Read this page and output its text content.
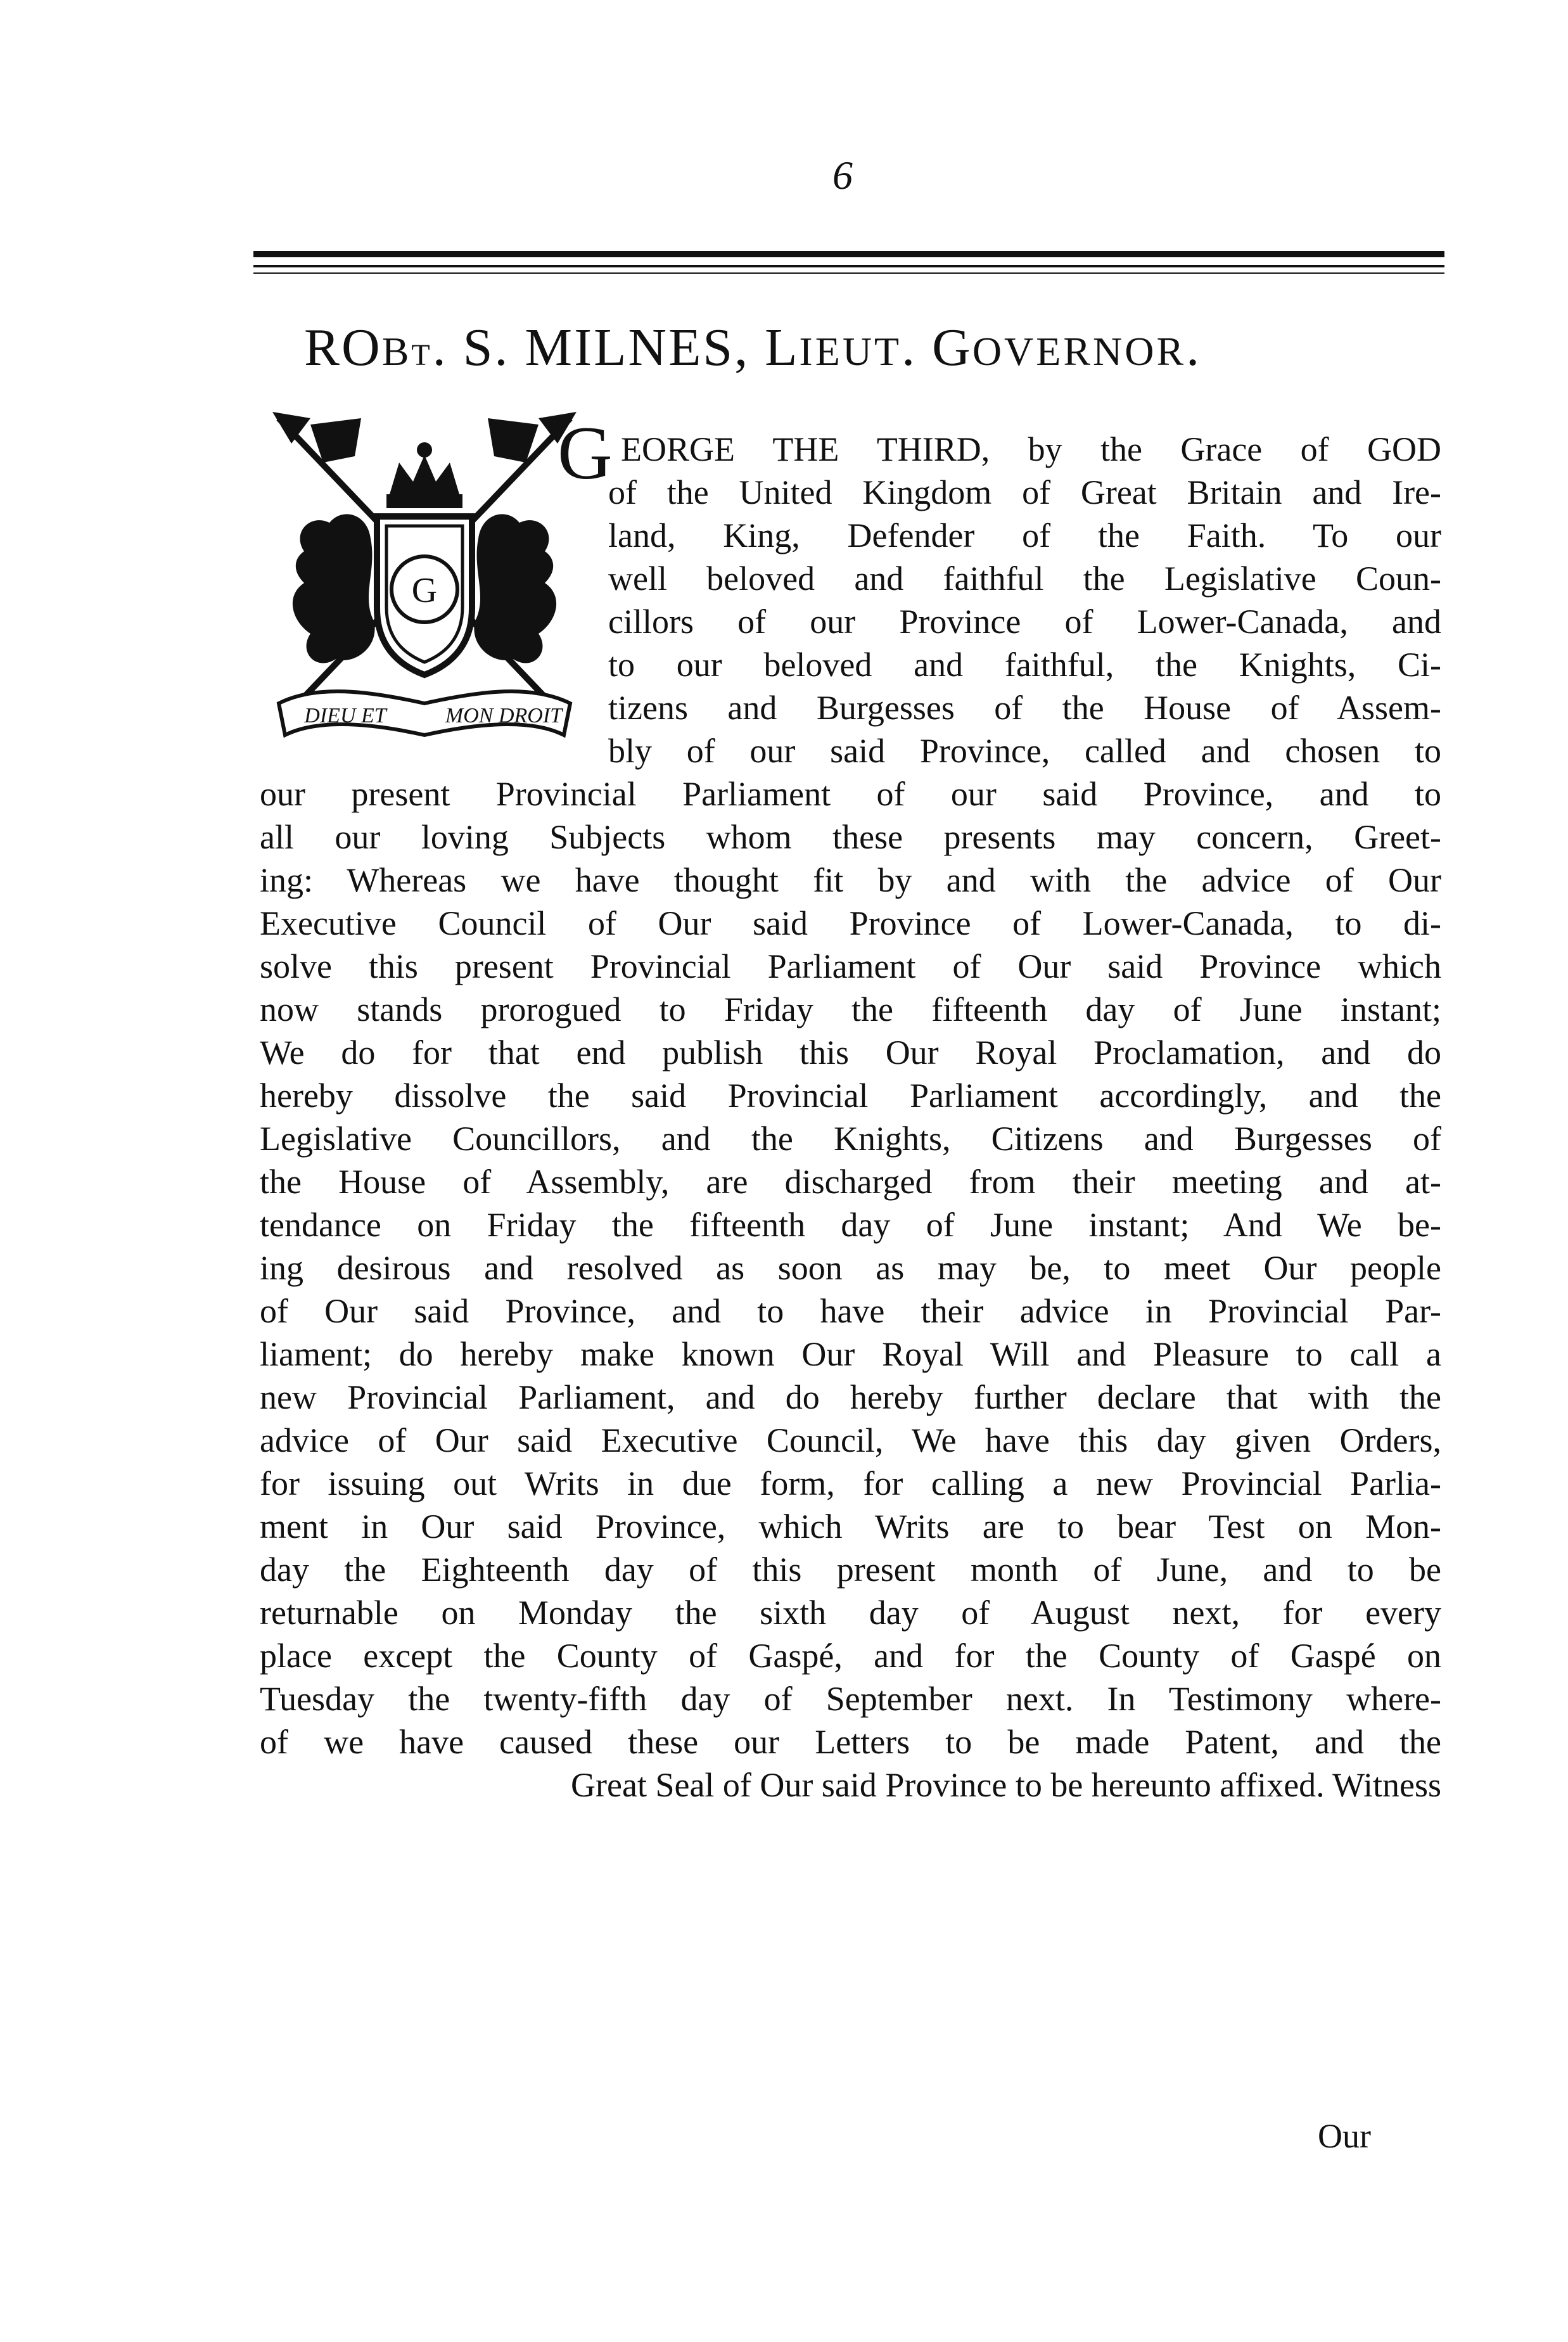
6
ROBT. S. MILNES, LIEUT. GOVERNOR.
G
DIEU ET	MON DROIT
G EORGE THE THIRD, by the Grace of GOD
of the United Kingdom of Great Britain and Ire-
land, King, Defender of the Faith. To our
well beloved and faithful the Legislative Coun-
cillors of our Province of Lower-Canada, and
to our beloved and faithful, the Knights, Ci-
tizens and Burgesses of the House of Assem-
bly of our said Province, called and chosen to
our present Provincial Parliament of our said Province, and to
all our loving Subjects whom these presents may concern, Greet-
ing: Whereas we have thought fit by and with the advice of Our
Executive Council of Our said Province of Lower-Canada, to di-
solve this present Provincial Parliament of Our said Province which
now stands prorogued to Friday the fifteenth day of June instant;
We do for that end publish this Our Royal Proclamation, and do
hereby dissolve the said Provincial Parliament accordingly, and the
Legislative Councillors, and the Knights, Citizens and Burgesses of
the House of Assembly, are discharged from their meeting and at-
tendance on Friday the fifteenth day of June instant; And We be-
ing desirous and resolved as soon as may be, to meet Our people
of Our said Province, and to have their advice in Provincial Par-
liament; do hereby make known Our Royal Will and Pleasure to call a
new Provincial Parliament, and do hereby further declare that with the
advice of Our said Executive Council, We have this day given Orders,
for issuing out Writs in due form, for calling a new Provincial Parlia-
ment in Our said Province, which Writs are to bear Test on Mon-
day the Eighteenth day of this present month of June, and to be
returnable on Monday the sixth day of August next, for every
place except the County of Gaspé, and for the County of Gaspé on
Tuesday the twenty-fifth day of September next. In Testimony where-
of we have caused these our Letters to be made Patent, and the
Great Seal of Our said Province to be hereunto affixed. Witness
Our
